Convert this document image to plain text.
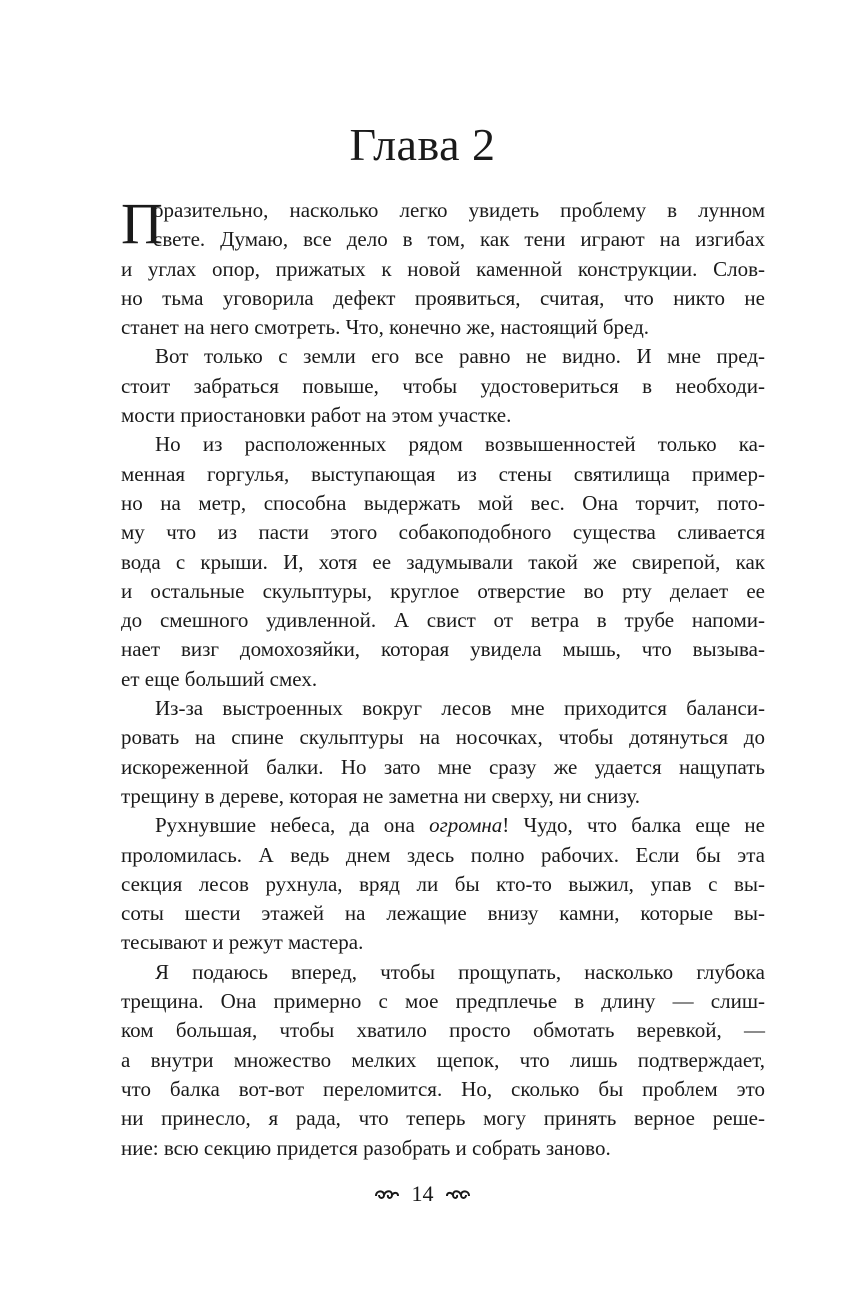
Глава 2
П
оразительно, насколько легко увидеть проблему в лунном
свете. Думаю, все дело в том, как тени играют на изгибах
и углах опор, прижатых к новой каменной конструкции. Слов-
но тьма уговорила дефект проявиться, считая, что никто не
станет на него смотреть. Что, конечно же, настоящий бред.
Вот только с земли его все равно не видно. И мне пред-
стоит забраться повыше, чтобы удостовериться в необходи-
мости приостановки работ на этом участке.
Но из расположенных рядом возвышенностей только ка-
менная горгулья, выступающая из стены святилища пример-
но на метр, способна выдержать мой вес. Она торчит, пото-
му что из пасти этого собакоподобного существа сливается
вода с крыши. И, хотя ее задумывали такой же свирепой, как
и остальные скульптуры, круглое отверстие во рту делает ее
до смешного удивленной. А свист от ветра в трубе напоми-
нает визг домохозяйки, которая увидела мышь, что вызыва-
ет еще больший смех.
Из-за выстроенных вокруг лесов мне приходится баланси-
ровать на спине скульптуры на носочках, чтобы дотянуться до
искореженной балки. Но зато мне сразу же удается нащупать
трещину в дереве, которая не заметна ни сверху, ни снизу.
Рухнувшие небеса, да она огромна! Чудо, что балка еще не
проломилась. А ведь днем здесь полно рабочих. Если бы эта
секция лесов рухнула, вряд ли бы кто-то выжил, упав с вы-
соты шести этажей на лежащие внизу камни, которые вы-
тесывают и режут мастера.
Я подаюсь вперед, чтобы прощупать, насколько глубока
трещина. Она примерно с мое предплечье в длину — слиш-
ком большая, чтобы хватило просто обмотать веревкой, —
а внутри множество мелких щепок, что лишь подтверждает,
что балка вот-вот переломится. Но, сколько бы проблем это
ни принесло, я рада, что теперь могу принять верное реше-
ние: всю секцию придется разобрать и собрать заново.
14
